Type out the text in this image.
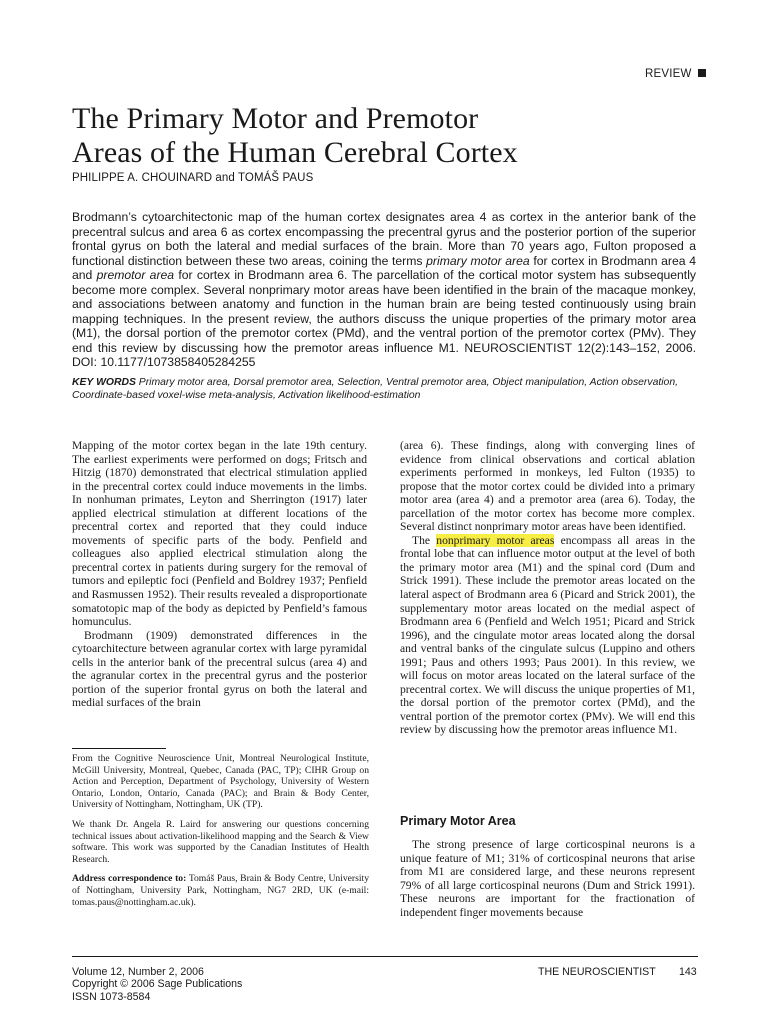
REVIEW
The Primary Motor and Premotor
Areas of the Human Cerebral Cortex
PHILIPPE A. CHOUINARD and TOMÁŠ PAUS

Brodmann’s cytoarchitectonic map of the human cortex designates area 4 as cortex in the anterior bank of the precentral sulcus and area 6 as cortex encompassing the precentral gyrus and the posterior portion of the superior frontal gyrus on both the lateral and medial surfaces of the brain. More than 70 years ago, Fulton proposed a functional distinction between these two areas, coining the terms primary motor area for cortex in Brodmann area 4 and premotor area for cortex in Brodmann area 6. The parcellation of the cortical motor system has subsequently become more complex. Several nonprimary motor areas have been identified in the brain of the macaque monkey, and associations between anatomy and function in the human brain are being tested continuously using brain mapping techniques. In the present review, the authors discuss the unique properties of the primary motor area (M1), the dorsal portion of the premotor cortex (PMd), and the ventral portion of the premotor cortex (PMv). They end this review by discussing how the premotor areas influence M1. NEUROSCIENTIST 12(2):143–152, 2006. DOI: 10.1177/1073858405284255

KEY WORDS Primary motor area, Dorsal premotor area, Selection, Ventral premotor area, Object manipulation, Action observation, Coordinate-based voxel-wise meta-analysis, Activation likelihood-estimation

Mapping of the motor cortex began in the late 19th century. The earliest experiments were performed on dogs; Fritsch and Hitzig (1870) demonstrated that electrical stimulation applied in the precentral cortex could induce movements in the limbs. In nonhuman primates, Leyton and Sherrington (1917) later applied electrical stimulation at different locations of the precentral cortex and reported that they could induce movements of specific parts of the body. Penfield and colleagues also applied electrical stimulation along the precentral cortex in patients during surgery for the removal of tumors and epileptic foci (Penfield and Boldrey 1937; Penfield and Rasmussen 1952). Their results revealed a disproportionate somatotopic map of the body as depicted by Penfield’s famous homunculus.

Brodmann (1909) demonstrated differences in the cytoarchitecture between agranular cortex with large pyramidal cells in the anterior bank of the precentral sulcus (area 4) and the agranular cortex in the precentral gyrus and the posterior portion of the superior frontal gyrus on both the lateral and medial surfaces of the brain

From the Cognitive Neuroscience Unit, Montreal Neurological Institute, McGill University, Montreal, Quebec, Canada (PAC, TP); CIHR Group on Action and Perception, Department of Psychology, University of Western Ontario, London, Ontario, Canada (PAC); and Brain & Body Center, University of Nottingham, Nottingham, UK (TP).

We thank Dr. Angela R. Laird for answering our questions concerning technical issues about activation-likelihood mapping and the Search & View software. This work was supported by the Canadian Institutes of Health Research.

Address correspondence to: Tomáš Paus, Brain & Body Centre, University of Nottingham, University Park, Nottingham, NG7 2RD, UK (e-mail: tomas.paus@nottingham.ac.uk).

(area 6). These findings, along with converging lines of evidence from clinical observations and cortical ablation experiments performed in monkeys, led Fulton (1935) to propose that the motor cortex could be divided into a primary motor area (area 4) and a premotor area (area 6). Today, the parcellation of the motor cortex has become more complex. Several distinct nonprimary motor areas have been identified.

The nonprimary motor areas encompass all areas in the frontal lobe that can influence motor output at the level of both the primary motor area (M1) and the spinal cord (Dum and Strick 1991). These include the premotor areas located on the lateral aspect of Brodmann area 6 (Picard and Strick 2001), the supplementary motor areas located on the medial aspect of Brodmann area 6 (Penfield and Welch 1951; Picard and Strick 1996), and the cingulate motor areas located along the dorsal and ventral banks of the cingulate sulcus (Luppino and others 1991; Paus and others 1993; Paus 2001). In this review, we will focus on motor areas located on the lateral surface of the precentral cortex. We will discuss the unique properties of M1, the dorsal portion of the premotor cortex (PMd), and the ventral portion of the premotor cortex (PMv). We will end this review by discussing how the premotor areas influence M1.

Primary Motor Area

The strong presence of large corticospinal neurons is a unique feature of M1; 31% of corticospinal neurons that arise from M1 are considered large, and these neurons represent 79% of all large corticospinal neurons (Dum and Strick 1991). These neurons are important for the fractionation of independent finger movements because

Volume 12, Number 2, 2006
Copyright © 2006 Sage Publications
ISSN 1073-8584
THE NEUROSCIENTIST 143
